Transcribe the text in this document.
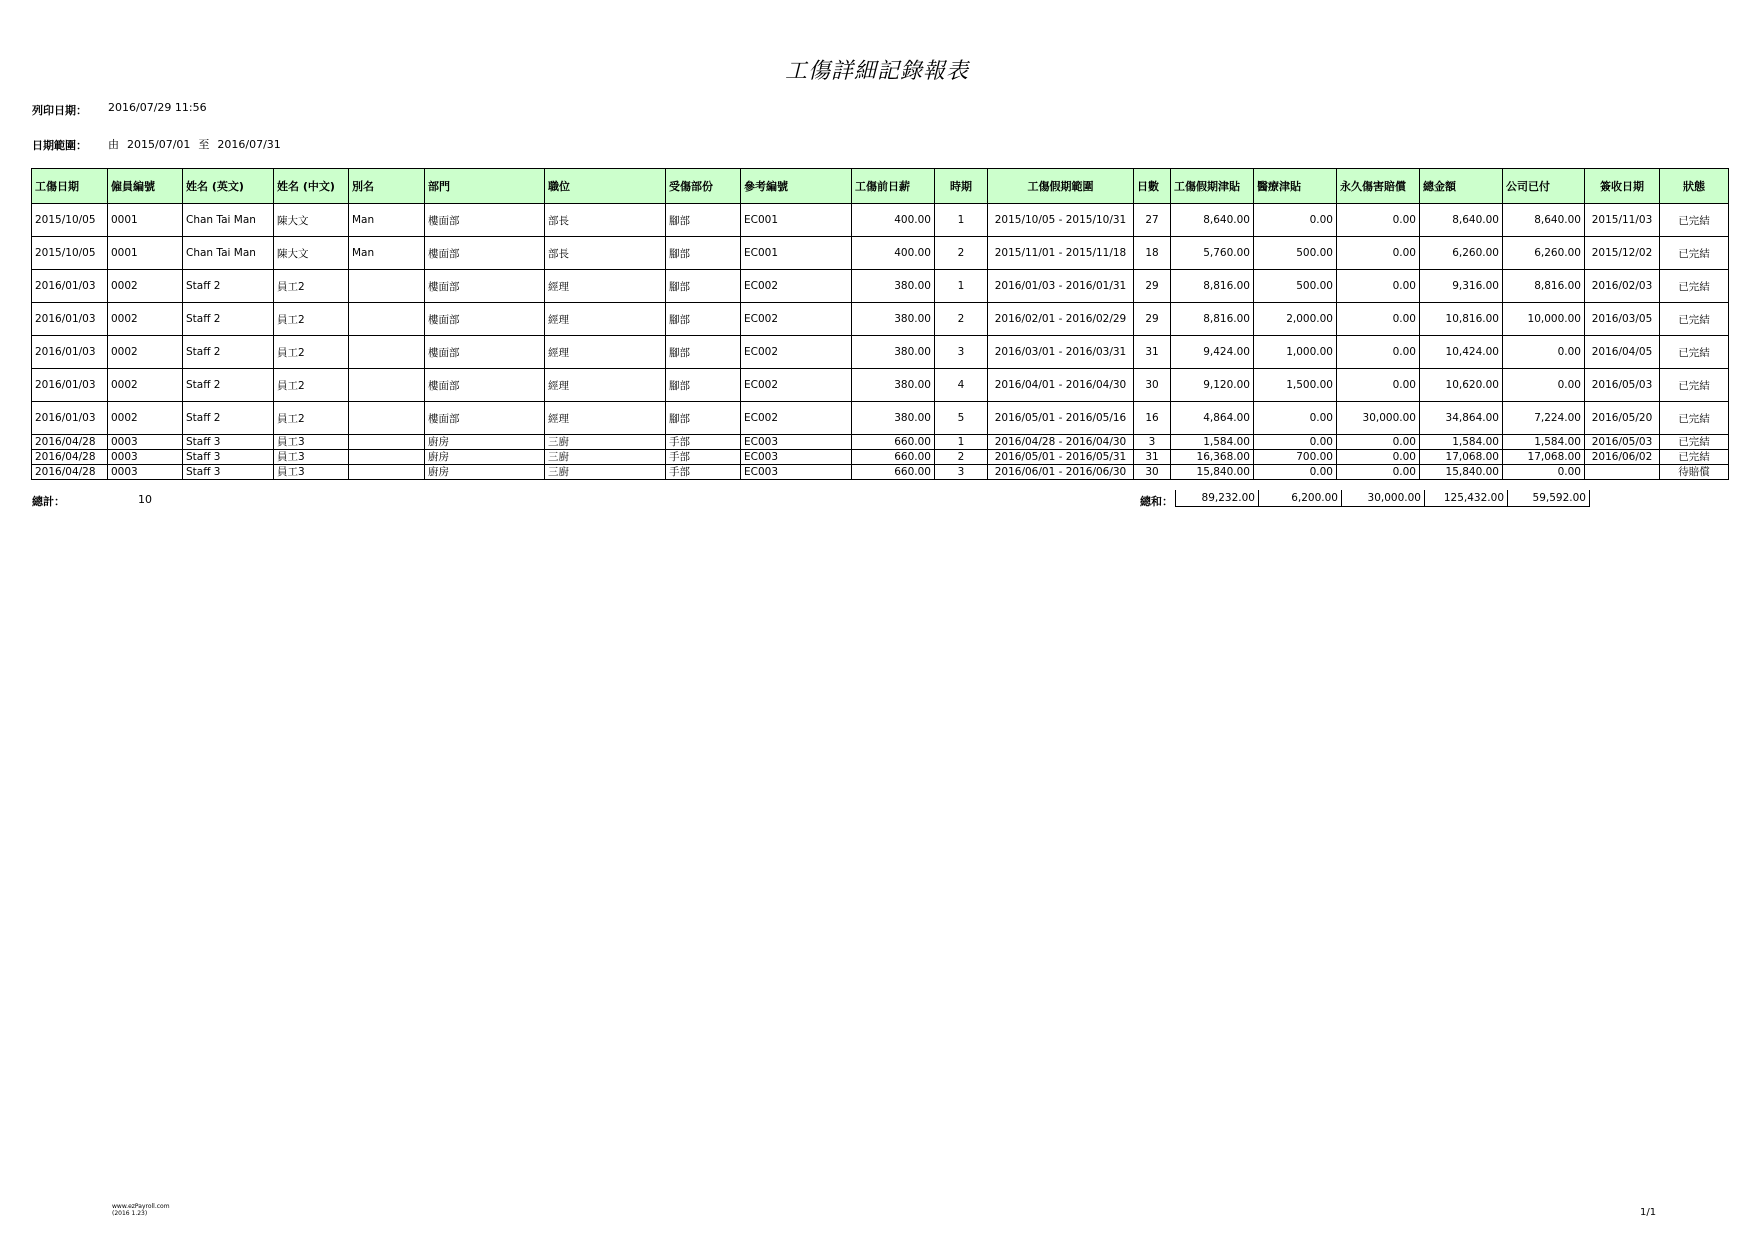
工傷詳細記錄報表
列印日期： 2016/07/29 11:56
日期範圍： 由 2015/07/01 至 2016/07/31
工傷日期	僱員編號	姓名 (英文)	姓名 (中文)	別名	部門	職位	受傷部份	參考編號	工傷前日薪	時期	工傷假期範圍	日數	工傷假期津貼	醫療津貼	永久傷害賠償	總金額	公司已付	簽收日期	狀態
2015/10/05	0001	Chan Tai Man	陳大文	Man	樓面部	部長	腳部	EC001	400.00	1	2015/10/05 - 2015/10/31	27	8,640.00	0.00	0.00	8,640.00	8,640.00	2015/11/03	已完結
2015/10/05	0001	Chan Tai Man	陳大文	Man	樓面部	部長	腳部	EC001	400.00	2	2015/11/01 - 2015/11/18	18	5,760.00	500.00	0.00	6,260.00	6,260.00	2015/12/02	已完結
2016/01/03	0002	Staff 2	員工2		樓面部	經理	腳部	EC002	380.00	1	2016/01/03 - 2016/01/31	29	8,816.00	500.00	0.00	9,316.00	8,816.00	2016/02/03	已完結
2016/01/03	0002	Staff 2	員工2		樓面部	經理	腳部	EC002	380.00	2	2016/02/01 - 2016/02/29	29	8,816.00	2,000.00	0.00	10,816.00	10,000.00	2016/03/05	已完結
2016/01/03	0002	Staff 2	員工2		樓面部	經理	腳部	EC002	380.00	3	2016/03/01 - 2016/03/31	31	9,424.00	1,000.00	0.00	10,424.00	0.00	2016/04/05	已完結
2016/01/03	0002	Staff 2	員工2		樓面部	經理	腳部	EC002	380.00	4	2016/04/01 - 2016/04/30	30	9,120.00	1,500.00	0.00	10,620.00	0.00	2016/05/03	已完結
2016/01/03	0002	Staff 2	員工2		樓面部	經理	腳部	EC002	380.00	5	2016/05/01 - 2016/05/16	16	4,864.00	0.00	30,000.00	34,864.00	7,224.00	2016/05/20	已完結
2016/04/28	0003	Staff 3	員工3		廚房	三廚	手部	EC003	660.00	1	2016/04/28 - 2016/04/30	3	1,584.00	0.00	0.00	1,584.00	1,584.00	2016/05/03	已完結
2016/04/28	0003	Staff 3	員工3		廚房	三廚	手部	EC003	660.00	2	2016/05/01 - 2016/05/31	31	16,368.00	700.00	0.00	17,068.00	17,068.00	2016/06/02	已完結
2016/04/28	0003	Staff 3	員工3		廚房	三廚	手部	EC003	660.00	3	2016/06/01 - 2016/06/30	30	15,840.00	0.00	0.00	15,840.00	0.00		待賠償
總計：	10	總和：	89,232.00	6,200.00	30,000.00	125,432.00	59,592.00
www.ezPayroll.com
(2016 1.23)	1/1
